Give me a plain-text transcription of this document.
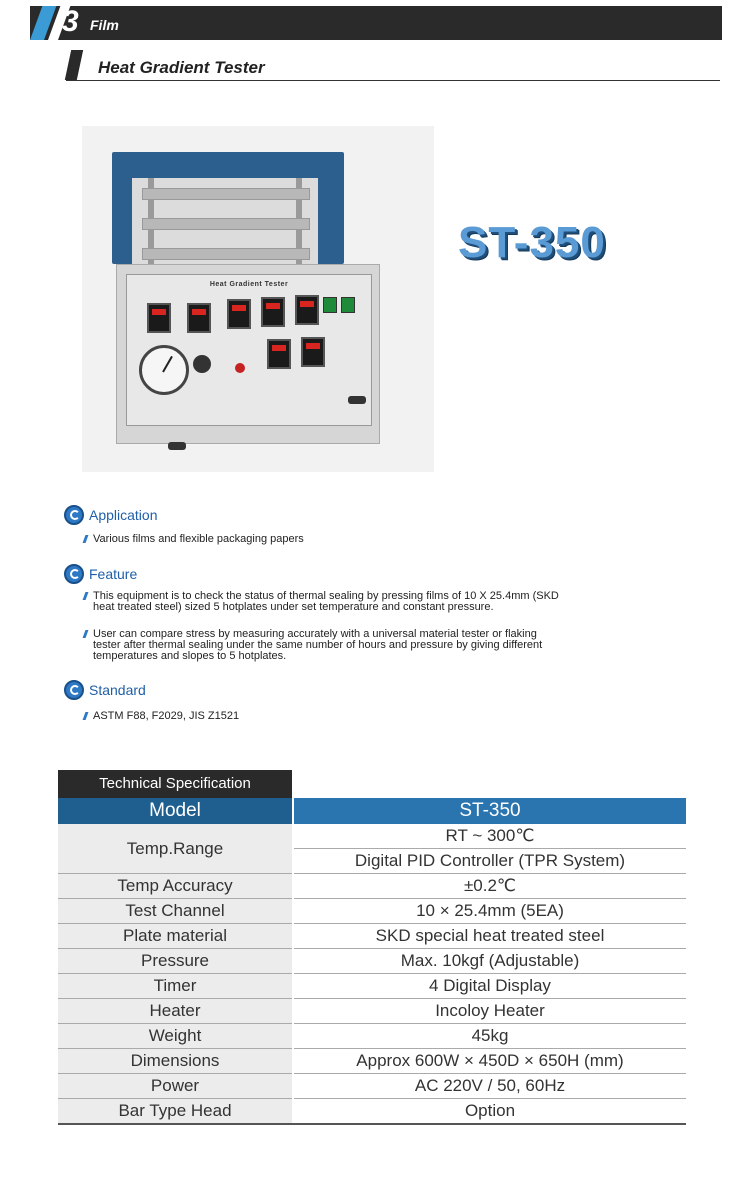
3 Film
Heat Gradient Tester
Heat Gradient Tester
ST-350
Application
Various films and flexible packaging papers
Feature
This equipment is to check the status of thermal sealing by pressing films of 10 X 25.4mm (SKD heat treated steel) sized 5 hotplates under set temperature and constant pressure.
User can compare stress by measuring accurately with a universal material tester or flaking tester after thermal sealing under the same number of hours and pressure by giving different temperatures and slopes to 5 hotplates.
Standard
ASTM F88, F2029, JIS Z1521
Technical Specification
Model	ST-350
Temp.Range	RT ~ 300℃
	Digital PID Controller (TPR System)
Temp Accuracy	±0.2℃
Test Channel	10 × 25.4mm (5EA)
Plate material	SKD special heat treated steel
Pressure	Max. 10kgf (Adjustable)
Timer	4 Digital Display
Heater	Incoloy Heater
Weight	45kg
Dimensions	Approx 600W × 450D × 650H (mm)
Power	AC 220V / 50, 60Hz
Bar Type Head	Option
